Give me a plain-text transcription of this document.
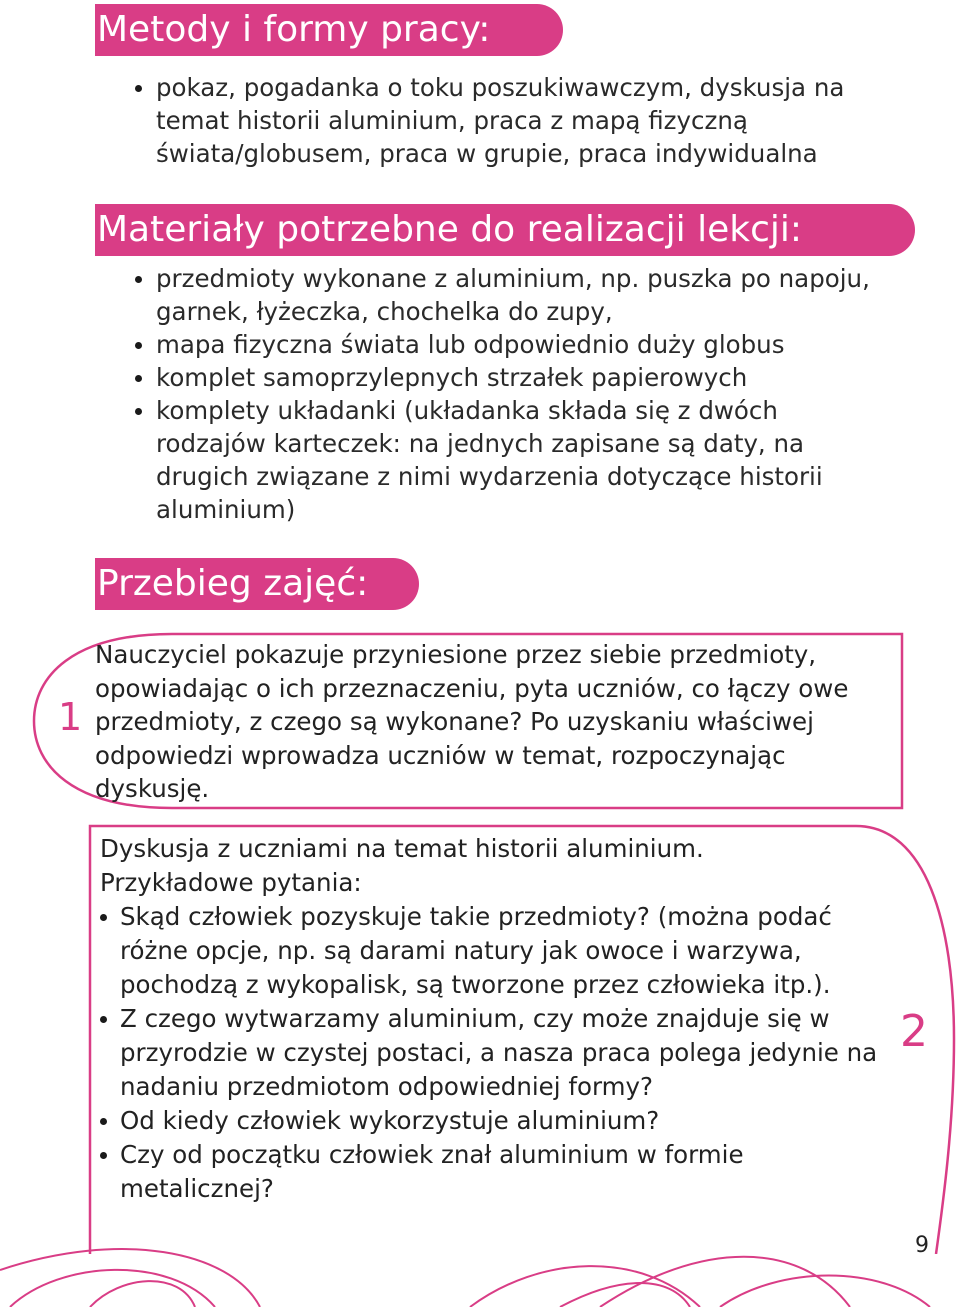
Metody i formy pracy:
pokaz, pogadanka o toku poszukiwawczym, dyskusja na temat historii aluminium, praca z mapą fizyczną świata/globusem, praca w grupie, praca indywidualna
Materiały potrzebne do realizacji lekcji:
przedmioty wykonane z aluminium, np. puszka po napoju, garnek, łyżeczka, chochelka do zupy,
mapa fizyczna świata lub odpowiednio duży globus
komplet samoprzylepnych strzałek papierowych
komplety układanki (układanka składa się z dwóch rodzajów karteczek: na jednych zapisane są daty, na drugich związane z nimi wydarzenia dotyczące historii aluminium)
Przebieg zajęć:
1

Nauczyciel pokazuje przyniesione przez siebie przedmioty, opowiadając o ich przeznaczeniu, pyta uczniów, co łączy owe przedmioty, z czego są wykonane? Po uzyskaniu właściwej odpowiedzi wprowadza uczniów w temat, rozpoczynając dyskusję.

2

Dyskusja z uczniami na temat historii aluminium.
Przykładowe pytania:

Skąd człowiek pozyskuje takie przedmioty? (można podać różne opcje, np. są darami natury jak owoce i warzywa, pochodzą z wykopalisk, są tworzone przez człowieka itp.).
Z czego wytwarzamy aluminium, czy może znajduje się w przyrodzie w czystej postaci, a nasza praca polega jedynie na nadaniu przedmiotom odpowiedniej formy?
Od kiedy człowiek wykorzystuje aluminium?
Czy od początku człowiek znał aluminium w formie metalicznej?
9
